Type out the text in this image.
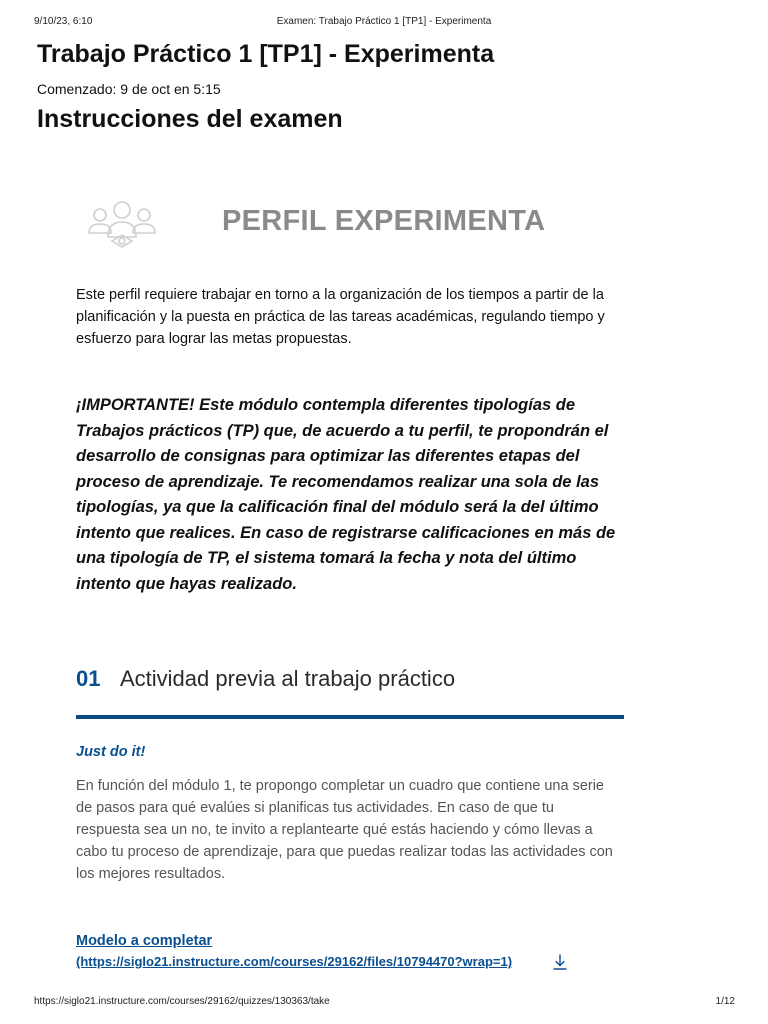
9/10/23, 6:10	Examen: Trabajo Práctico 1 [TP1] - Experimenta
Trabajo Práctico 1 [TP1] - Experimenta
Comenzado: 9 de oct en 5:15
Instrucciones del examen
PERFIL EXPERIMENTA

Este perfil requiere trabajar en torno a la organización de los tiempos a partir de la planificación y la puesta en práctica de las tareas académicas, regulando tiempo y esfuerzo para lograr las metas propuestas.

¡IMPORTANTE! Este módulo contempla diferentes tipologías de Trabajos prácticos (TP) que, de acuerdo a tu perfil, te propondrán el desarrollo de consignas para optimizar las diferentes etapas del proceso de aprendizaje. Te recomendamos realizar una sola de las tipologías, ya que la calificación final del módulo será la del último intento que realices. En caso de registrarse calificaciones en más de una tipología de TP, el sistema tomará la fecha y nota del último intento que hayas realizado.

01 Actividad previa al trabajo práctico
Just do it!

En función del módulo 1, te propongo completar un cuadro que contiene una serie de pasos para qué evalúes si planificas tus actividades. En caso de que tu respuesta sea un no, te invito a replantearte qué estás haciendo y cómo llevas a cabo tu proceso de aprendizaje, para que puedas realizar todas las actividades con los mejores resultados.

Modelo a completar
(https://siglo21.instructure.com/courses/29162/files/10794470?wrap=1)
https://siglo21.instructure.com/courses/29162/quizzes/130363/take	1/12
